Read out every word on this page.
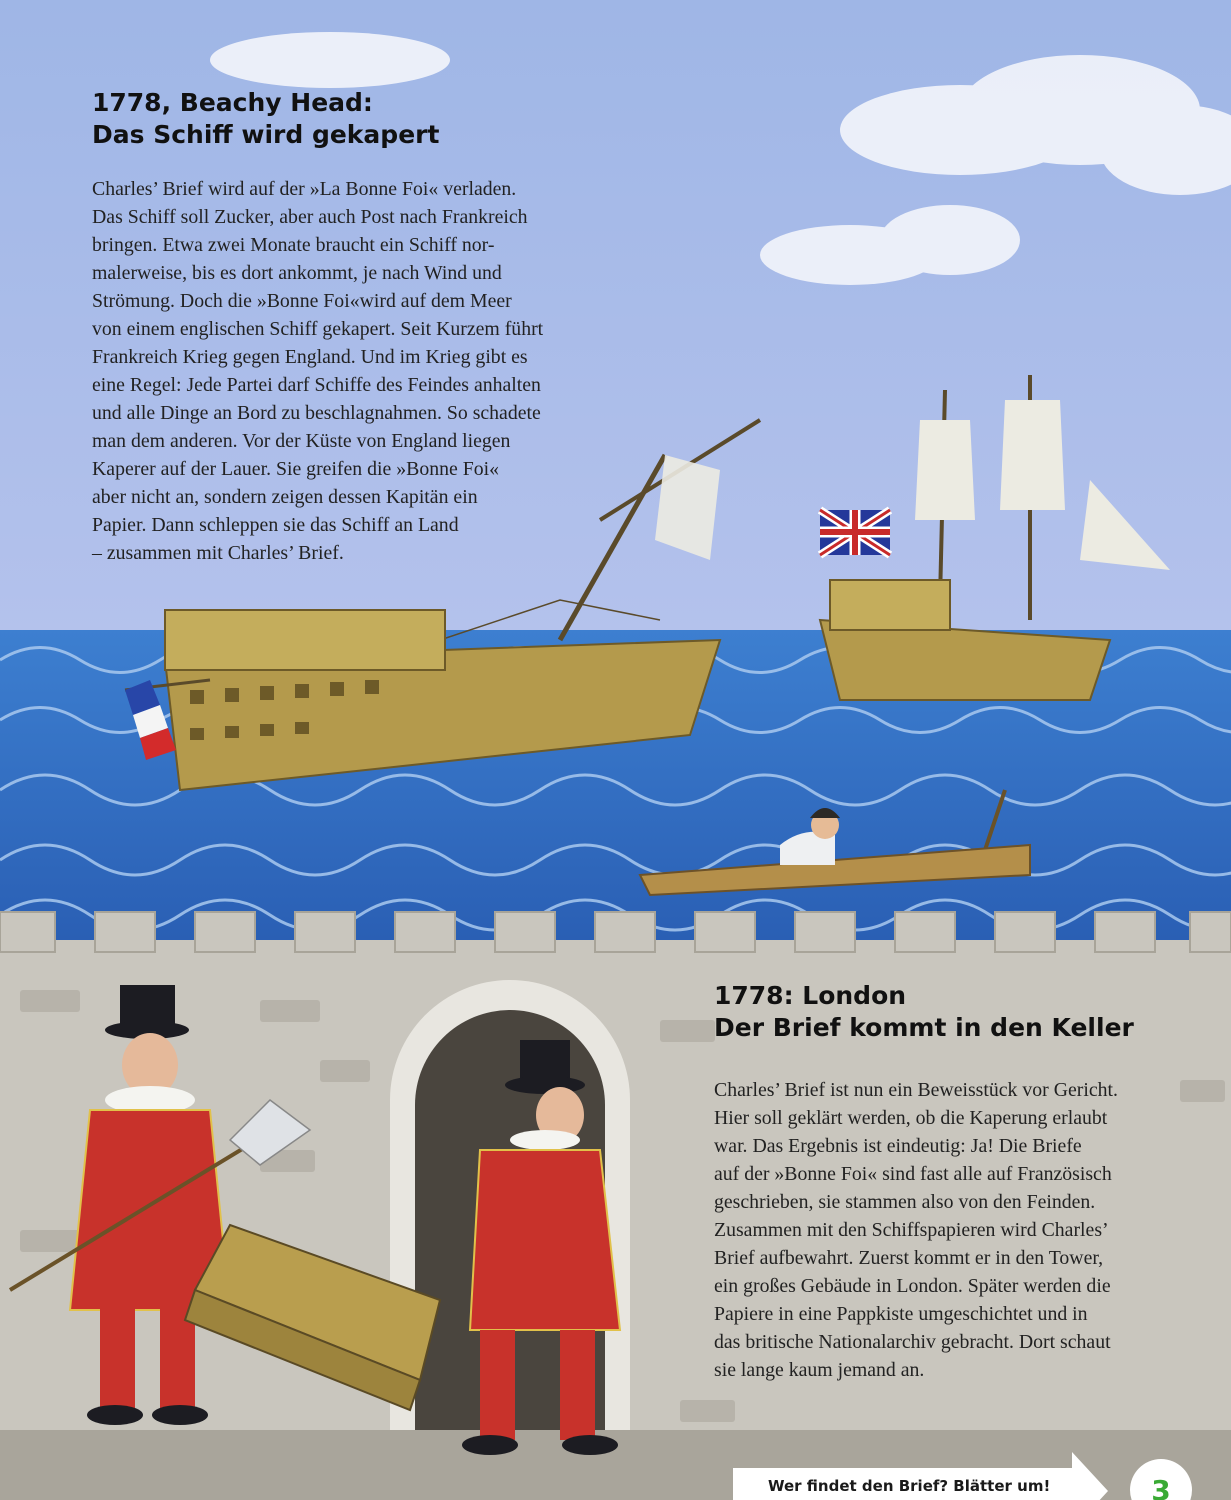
1778, Beachy Head:
Das Schiff wird gekapert
Charles’ Brief wird auf der »La Bonne Foi« verladen.
Das Schiff soll Zucker, aber auch Post nach Frankreich
bringen. Etwa zwei Monate braucht ein Schiff nor-
malerweise, bis es dort ankommt, je nach Wind und
Strömung. Doch die »Bonne Foi«wird auf dem Meer
von einem englischen Schiff gekapert. Seit Kurzem führt
Frankreich Krieg gegen England. Und im Krieg gibt es
eine Regel: Jede Partei darf Schiffe des Feindes anhalten
und alle Dinge an Bord zu beschlagnahmen. So schadete
man dem anderen. Vor der Küste von England liegen
Kaperer auf der Lauer. Sie greifen die »Bonne Foi«
aber nicht an, sondern zeigen dessen Kapitän ein
Papier. Dann schleppen sie das Schiff an Land
– zusammen mit Charles’ Brief.
1778: London
Der Brief kommt in den Keller
Charles’ Brief ist nun ein Beweisstück vor Gericht.
Hier soll geklärt werden, ob die Kaperung erlaubt
war. Das Ergebnis ist eindeutig: Ja! Die Briefe
auf der »Bonne Foi« sind fast alle auf Französisch
geschrieben, sie stammen also von den Feinden.
Zusammen mit den Schiffspapieren wird Charles’
Brief aufbewahrt. Zuerst kommt er in den Tower,
ein großes Gebäude in London. Später werden die
Papiere in eine Pappkiste umgeschichtet und in
das britische Nationalarchiv gebracht. Dort schaut
sie lange kaum jemand an.
Wer findet den Brief? Blätter um!	3
